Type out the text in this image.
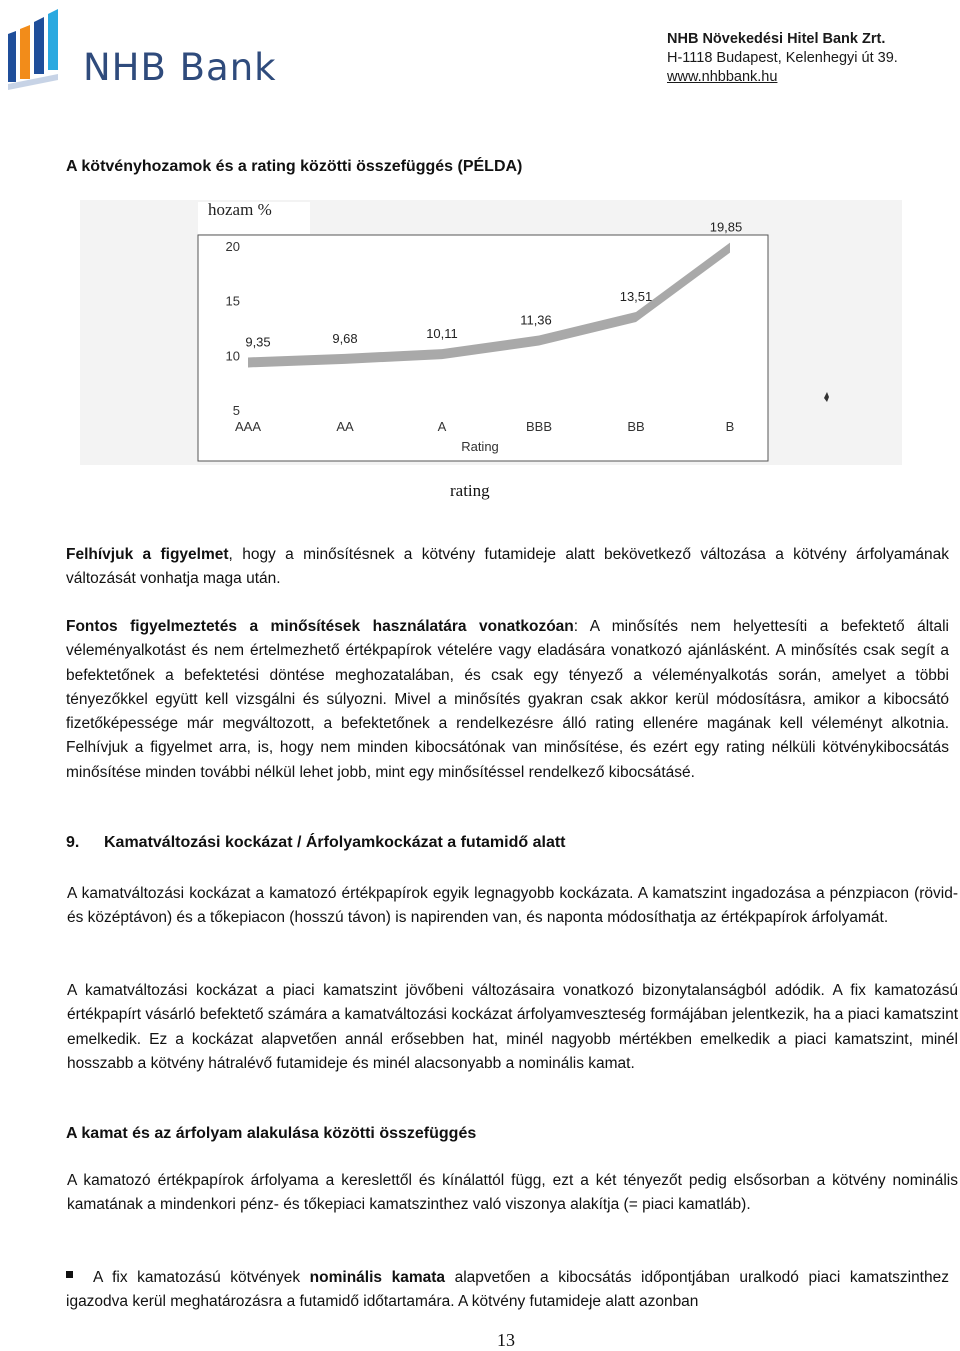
NHB Bank
NHB Növekedési Hitel Bank Zrt.
H-1118 Budapest, Kelenhegyi út 39.
www.nhbbank.hu
A kötvényhozamok és a rating közötti összefüggés (PÉLDA)
hozam %
20
15
10
5
AAA	AA	A	BBB	BB	B
9,35	9,68	10,11
11,36
13,51
19,85
Rating
rating

Felhívjuk a figyelmet, hogy a minősítésnek a kötvény futamideje alatt bekövetkező változása a kötvény árfolyamának változását vonhatja maga után.

Fontos figyelmeztetés a minősítések használatára vonatkozóan: A minősítés nem helyettesíti a befektető általi véleményalkotást és nem értelmezhető értékpapírok vételére vagy eladására vonatkozó ajánlásként. A minősítés csak segít a befektetőnek a befektetési döntése meghozatalában, és csak egy tényező a véleményalkotás során, amelyet a többi tényezőkkel együtt kell vizsgálni és súlyozni. Mivel a minősítés gyakran csak akkor kerül módosításra, amikor a kibocsátó fizetőképessége már megváltozott, a befektetőnek a rendelkezésre álló rating ellenére magának kell véleményt alkotnia. Felhívjuk a figyelmet arra, is, hogy nem minden kibocsátónak van minősítése, és ezért egy rating nélküli kötvénykibocsátás minősítése minden további nélkül lehet jobb, mint egy minősítéssel rendelkező kibocsátásé.

9. Kamatváltozási kockázat / Árfolyamkockázat a futamidő alatt

A kamatváltozási kockázat a kamatozó értékpapírok egyik legnagyobb kockázata. A kamatszint ingadozása a pénzpiacon (rövid- és középtávon) és a tőkepiacon (hosszú távon) is napirenden van, és naponta módosíthatja az értékpapírok árfolyamát.

A kamatváltozási kockázat a piaci kamatszint jövőbeni változásaira vonatkozó bizonytalanságból adódik. A fix kamatozású értékpapírt vásárló befektető számára a kamatváltozási kockázat árfolyamveszteség formájában jelentkezik, ha a piaci kamatszint emelkedik. Ez a kockázat alapvetően annál erősebben hat, minél nagyobb mértékben emelkedik a piaci kamatszint, minél hosszabb a kötvény hátralévő futamideje és minél alacsonyabb a nominális kamat.

A kamat és az árfolyam alakulása közötti összefüggés

A kamatozó értékpapírok árfolyama a kereslettől és kínálattól függ, ezt a két tényezőt pedig elsősorban a kötvény nominális kamatának a mindenkori pénz- és tőkepiaci kamatszinthez való viszonya alakítja (= piaci kamatláb).

A fix kamatozású kötvények nominális kamata alapvetően a kibocsátás időpontjában uralkodó piaci kamatszinthez igazodva kerül meghatározásra a futamidő időtartamára. A kötvény futamideje alatt azonban

13
